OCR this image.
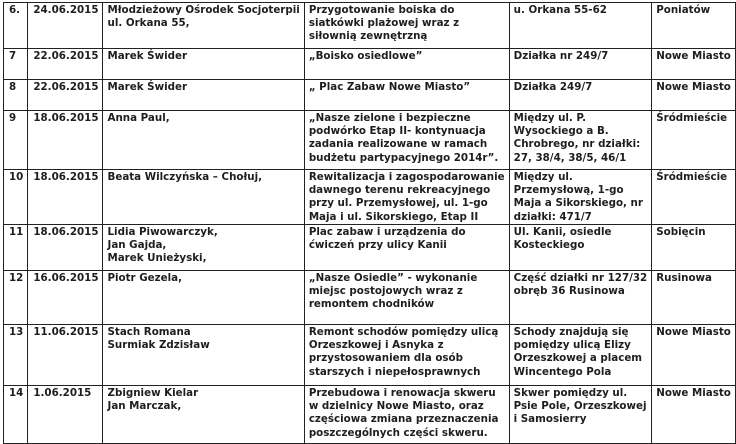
6.	24.06.2015	Młodzieżowy Ośrodek Socjoterpii
ul. Orkana 55,	Przygotowanie boiska do
siatkówki plażowej wraz z
siłownią zewnętrzną	u. Orkana 55-62	Poniatów

7	22.06.2015	Marek Świder	„Boisko osiedlowe”	Działka nr 249/7	Nowe Miasto

8	22.06.2015	Marek Świder	„ Plac Zabaw Nowe Miasto”	Działka 249/7	Nowe Miasto

9	18.06.2015	Anna Paul,	„Nasze zielone i bezpieczne
podwórko Etap II- kontynuacja
zadania realizowane w ramach
budżetu partypacyjnego 2014r”.	Między ul. P.
Wysockiego a B.
Chrobrego, nr działki:
27, 38/4, 38/5, 46/1	Śródmieście

10	18.06.2015	Beata Wilczyńska – Chołuj,	Rewitalizacja i zagospodarowanie
dawnego terenu rekreacyjnego
przy ul. Przemysłowej, ul. 1-go
Maja i ul. Sikorskiego, Etap II	Między ul.
Przemysłową, 1-go
Maja a Sikorskiego, nr
działki: 471/7	Śródmieście

11	18.06.2015	Lidia Piwowarczyk,
Jan Gajda,
Marek Unieżyski,	Plac zabaw i urządzenia do
ćwiczeń przy ulicy Kanii	Ul. Kanii, osiedle
Kosteckiego	Sobięcin

12	16.06.2015	Piotr Gezela,	„Nasze Osiedle” - wykonanie
miejsc postojowych wraz z
remontem chodników	Część działki nr 127/32
obręb 36 Rusinowa	Rusinowa

13	11.06.2015	Stach Romana
Surmiak Zdzisław	Remont schodów pomiędzy ulicą
Orzeszkowej i Asnyka z
przystosowaniem dla osób
starszych i niepełosprawnych	Schody znajdują się
pomiędzy ulicą Elizy
Orzeszkowej a placem
Wincentego Pola	Nowe Miasto

14	1.06.2015	Zbigniew Kielar
Jan Marczak,	Przebudowa i renowacja skweru
w dzielnicy Nowe Miasto, oraz
częściowa zmiana przeznaczenia
poszczególnych części skweru.	Skwer pomiędzy ul.
Psie Pole, Orzeszkowej
i Samosierry	Nowe Miasto
